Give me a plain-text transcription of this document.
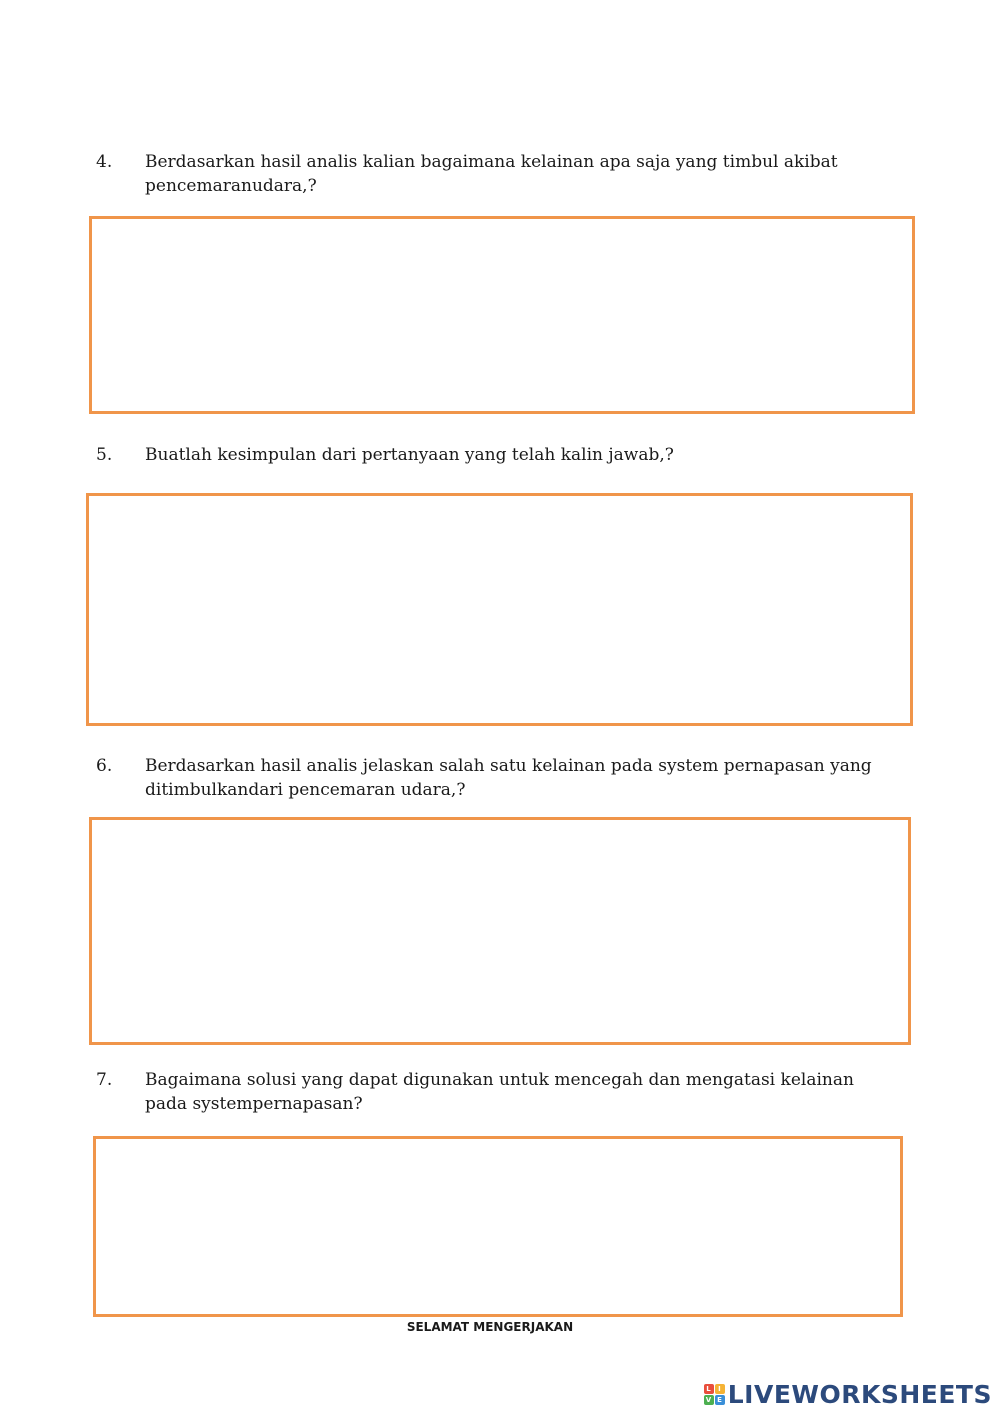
4.	Berdasarkan hasil analis kalian bagaimana kelainan apa saja yang timbul akibat pencemaranudara,?
5.	Buatlah kesimpulan dari pertanyaan yang telah kalin jawab,?
6.	Berdasarkan hasil analis jelaskan salah satu kelainan pada system pernapasan yang ditimbulkandari pencemaran udara,?
7.	Bagaimana solusi yang dapat digunakan untuk mencegah dan mengatasi kelainan pada systempernapasan?
SELAMAT MENGERJAKAN
L I
V E LIVEWORKSHEETS
